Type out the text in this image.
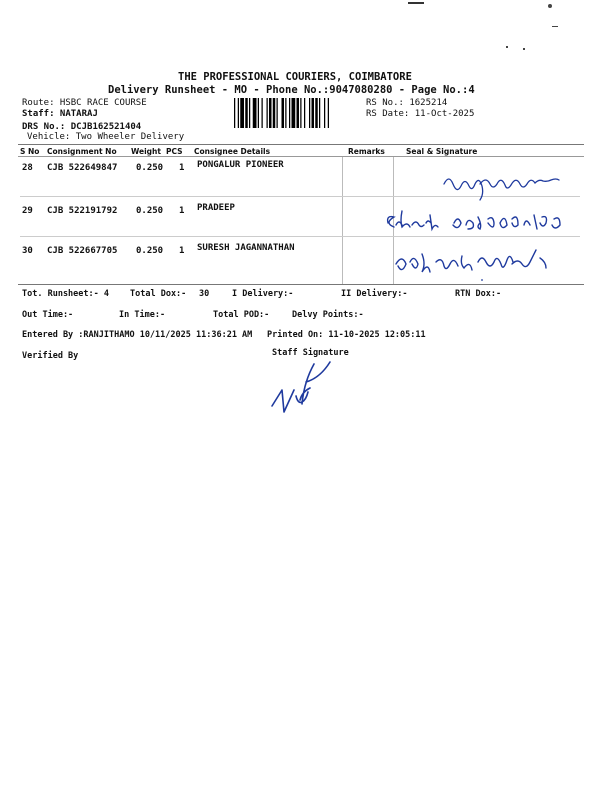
THE PROFESSIONAL COURIERS, COIMBATORE
Delivery Runsheet - MO - Phone No.:9047080280 - Page No.:4
Route: HSBC RACE COURSE
Staff: NATARAJ
DRS No.: DCJB162521404
Vehicle: Two Wheeler Delivery
RS No.: 1625214
RS Date: 11-Oct-2025
S No Consignment No Weight PCS Consignee Details	Remarks	Seal & Signature
28 CJB 522649847 0.250 1 PONGALUR PIONEER
29 CJB 522191792 0.250 1 PRADEEP
30 CJB 522667705 0.250 1 SURESH JAGANNATHAN
Tot. Runsheet:- 4 Total Dox:- 30	I Delivery:-	II Delivery:-	RTN Dox:-
Out Time:-	In Time:-	Total POD:-	Delvy Points:-
Entered By :RANJITHAMO 10/11/2025 11:36:21 AM Printed On: 11-10-2025 12:05:11
Verified By	Staff Signature
